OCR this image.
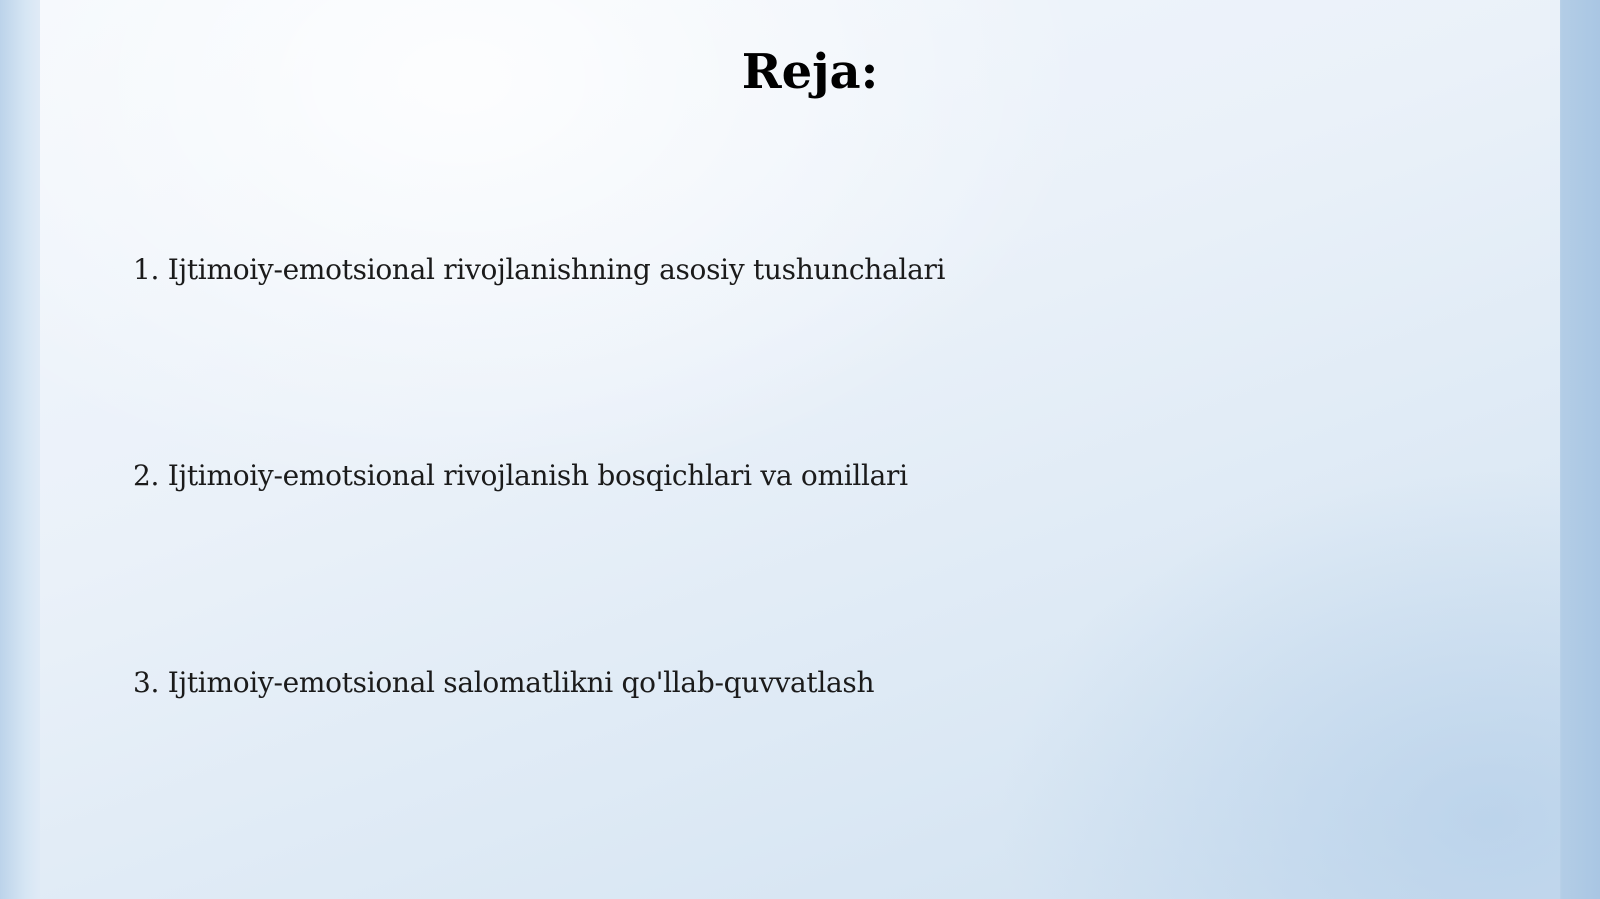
Reja:
1. Ijtimoiy-emotsional rivojlanishning asosiy tushunchalari
2. Ijtimoiy-emotsional rivojlanish bosqichlari va omillari
3. Ijtimoiy-emotsional salomatlikni qo'llab-quvvatlash
